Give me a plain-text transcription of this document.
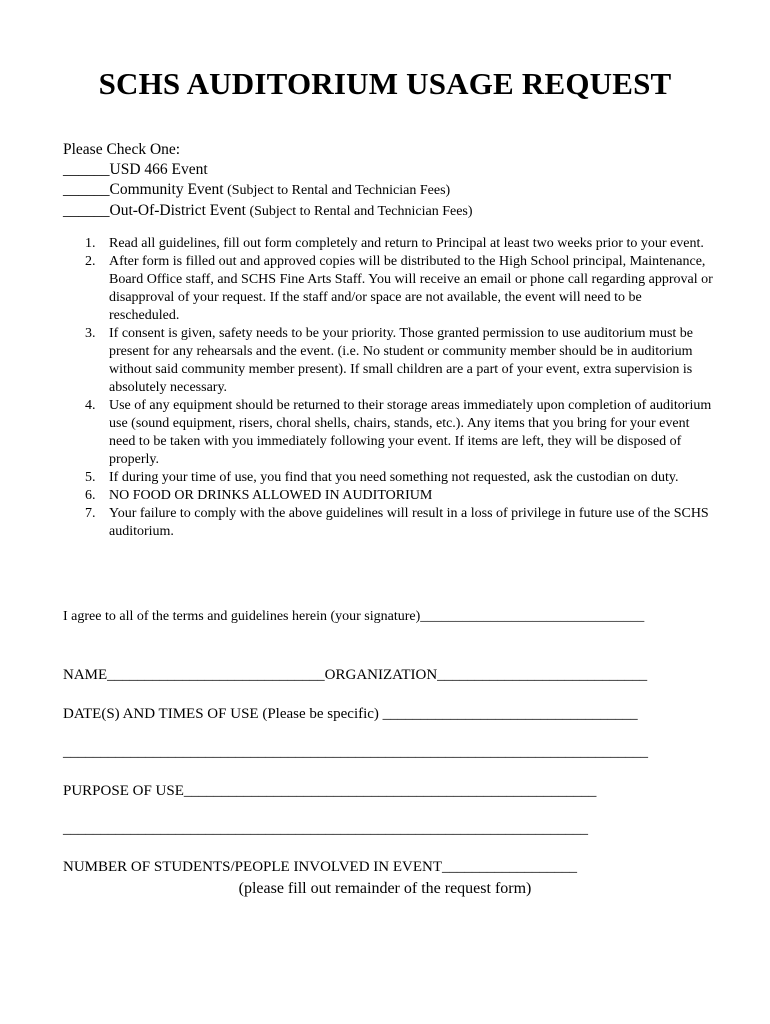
SCHS AUDITORIUM USAGE REQUEST
Please Check One:
______USD 466 Event
______Community Event (Subject to Rental and Technician Fees)
______Out-Of-District Event (Subject to Rental and Technician Fees)
1. Read all guidelines, fill out form completely and return to Principal at least two weeks prior to your event.
2. After form is filled out and approved copies will be distributed to the High School principal, Maintenance, Board Office staff, and SCHS Fine Arts Staff. You will receive an email or phone call regarding approval or disapproval of your request. If the staff and/or space are not available, the event will need to be rescheduled.
3. If consent is given, safety needs to be your priority. Those granted permission to use auditorium must be present for any rehearsals and the event. (i.e. No student or community member should be in auditorium without said community member present). If small children are a part of your event, extra supervision is absolutely necessary.
4. Use of any equipment should be returned to their storage areas immediately upon completion of auditorium use (sound equipment, risers, choral shells, chairs, stands, etc.). Any items that you bring for your event need to be taken with you immediately following your event. If items are left, they will be disposed of properly.
5. If during your time of use, you find that you need something not requested, ask the custodian on duty.
6. NO FOOD OR DRINKS ALLOWED IN AUDITORIUM
7. Your failure to comply with the above guidelines will result in a loss of privilege in future use of the SCHS auditorium.
I agree to all of the terms and guidelines herein (your signature)________________________________
NAME_____________________________ORGANIZATION____________________________
DATE(S) AND TIMES OF USE (Please be specific) __________________________________
______________________________________________________________________________
PURPOSE OF USE_______________________________________________________
______________________________________________________________________
NUMBER OF STUDENTS/PEOPLE INVOLVED IN EVENT__________________
(please fill out remainder of the request form)
